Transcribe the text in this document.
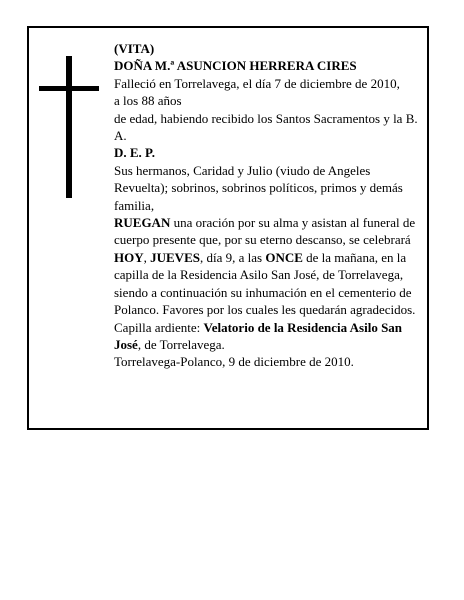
(VITA)

DOÑA M.ª ASUNCION HERRERA CIRES

Falleció en Torrelavega, el día 7 de diciembre de 2010,

a los 88 años

de edad, habiendo recibido los Santos Sacramentos y la B. A.

D. E. P.

Sus hermanos, Caridad y Julio (viudo de Angeles Revuelta); sobrinos, sobrinos políticos, primos y demás familia,

RUEGAN una oración por su alma y asistan al funeral de cuerpo presente que, por su eterno descanso, se celebrará HOY, JUEVES, día 9, a las ONCE de la mañana, en la capilla de la Residencia Asilo San José, de Torrelavega, siendo a continuación su inhumación en el cementerio de Polanco. Favores por los cuales les quedarán agradecidos.

Capilla ardiente: Velatorio de la Residencia Asilo San José, de Torrelavega.

Torrelavega-Polanco, 9 de diciembre de 2010.
